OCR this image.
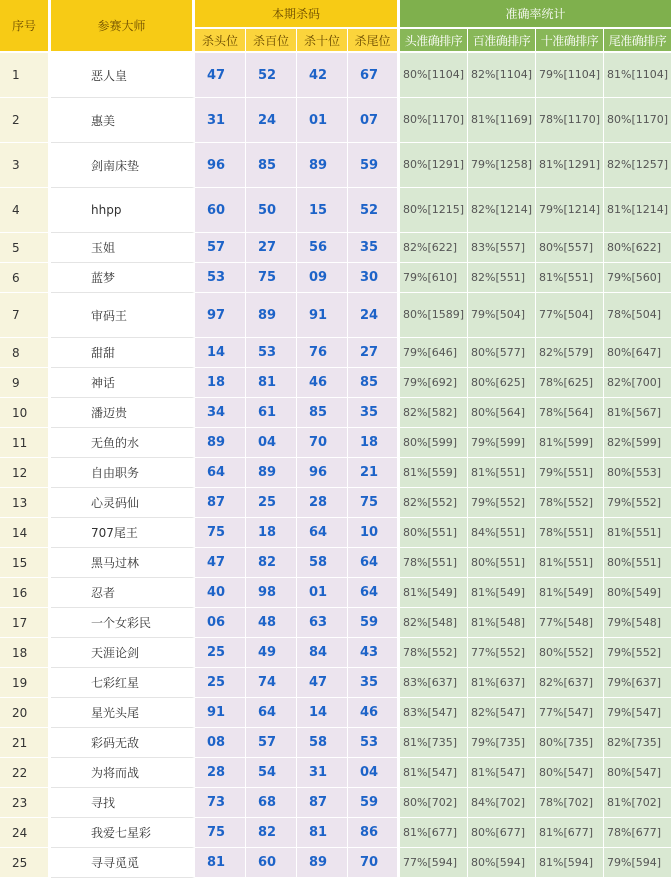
序号	参赛大师	本期杀码				准确率统计			
		杀头位	杀百位	杀十位	杀尾位	头准确排序	百准确排序	十准确排序	尾准确排序
1	恶人皇	47	52	42	67	80%[1104]	82%[1104]	79%[1104]	81%[1104]
2	惠美	31	24	01	07	80%[1170]	81%[1169]	78%[1170]	80%[1170]
3	剑南床垫	96	85	89	59	80%[1291]	79%[1258]	81%[1291]	82%[1257]
4	hhpp	60	50	15	52	80%[1215]	82%[1214]	79%[1214]	81%[1214]
5	玉姐	57	27	56	35	82%[622]	83%[557]	80%[557]	80%[622]
6	蓝梦	53	75	09	30	79%[610]	82%[551]	81%[551]	79%[560]
7	审码王	97	89	91	24	80%[1589]	79%[504]	77%[504]	78%[504]
8	甜甜	14	53	76	27	79%[646]	80%[577]	82%[579]	80%[647]
9	神话	18	81	46	85	79%[692]	80%[625]	78%[625]	82%[700]
10	潘迈贵	34	61	85	35	82%[582]	80%[564]	78%[564]	81%[567]
11	无鱼的水	89	04	70	18	80%[599]	79%[599]	81%[599]	82%[599]
12	自由职务	64	89	96	21	81%[559]	81%[551]	79%[551]	80%[553]
13	心灵码仙	87	25	28	75	82%[552]	79%[552]	78%[552]	79%[552]
14	707尾王	75	18	64	10	80%[551]	84%[551]	78%[551]	81%[551]
15	黑马过林	47	82	58	64	78%[551]	80%[551]	81%[551]	80%[551]
16	忍者	40	98	01	64	81%[549]	81%[549]	81%[549]	80%[549]
17	一个女彩民	06	48	63	59	82%[548]	81%[548]	77%[548]	79%[548]
18	天涯论剑	25	49	84	43	78%[552]	77%[552]	80%[552]	79%[552]
19	七彩红星	25	74	47	35	83%[637]	81%[637]	82%[637]	79%[637]
20	星光头尾	91	64	14	46	83%[547]	82%[547]	77%[547]	79%[547]
21	彩码无敌	08	57	58	53	81%[735]	79%[735]	80%[735]	82%[735]
22	为将而战	28	54	31	04	81%[547]	81%[547]	80%[547]	80%[547]
23	寻找	73	68	87	59	80%[702]	84%[702]	78%[702]	81%[702]
24	我爱七星彩	75	82	81	86	81%[677]	80%[677]	81%[677]	78%[677]
25	寻寻觅觅	81	60	89	70	77%[594]	80%[594]	81%[594]	79%[594]
